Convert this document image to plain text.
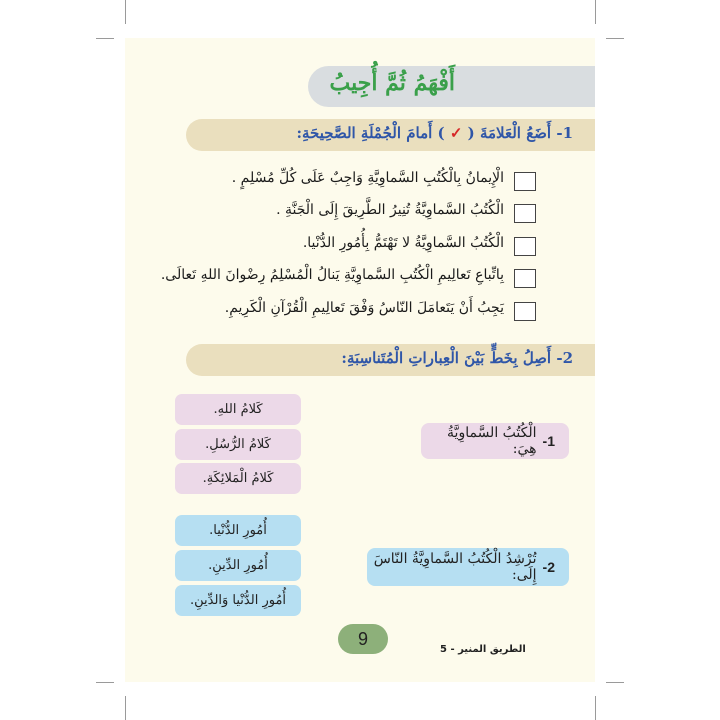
أَفْهَمُ ثُمَّ أُجِيبُ
1- أَضَعُ الْعَلامَةَ ( ✓ ) أَمامَ الْجُمْلَةِ الصَّحِيحَةِ:
الْإِيمانُ بِالْكُتُبِ السَّماوِيَّةِ وَاجِبٌ عَلَى كُلِّ مُسْلِمٍ .
الْكُتُبُ السَّماوِيَّةُ تُنِيرُ الطَّرِيقَ إِلَى الْجَنَّةِ .
الْكُتُبُ السَّماوِيَّةُ لا تَهْتَمُّ بِأُمُورِ الدُّنْيا.
بِاتِّباعِ تَعالِيمِ الْكُتُبِ السَّماوِيَّةِ يَنالُ الْمُسْلِمُ رِضْوانَ اللهِ تَعالَى.
يَجِبُ أَنْ يَتَعامَلَ النّاسُ وَفْقَ تَعالِيمِ الْقُرْآنِ الْكَرِيمِ.
2- أَصِلُ بِخَطٍّ بَيْنَ الْعِباراتِ الْمُتَناسِبَةِ:
كَلامُ اللهِ.
كَلامُ الرُّسُلِ.
كَلامُ الْمَلائِكَةِ.
1-
الْكُتُبُ السَّماوِيَّةُ هِيَ:
أُمُورِ الدُّنْيا.
أُمُورِ الدِّينِ.
أُمُورِ الدُّنْيا وَالدِّينِ.
2-
تُرْشِدُ الْكُتُبُ السَّماوِيَّةُ النّاسَ إِلَى:
9
الطريق المنير - 5
